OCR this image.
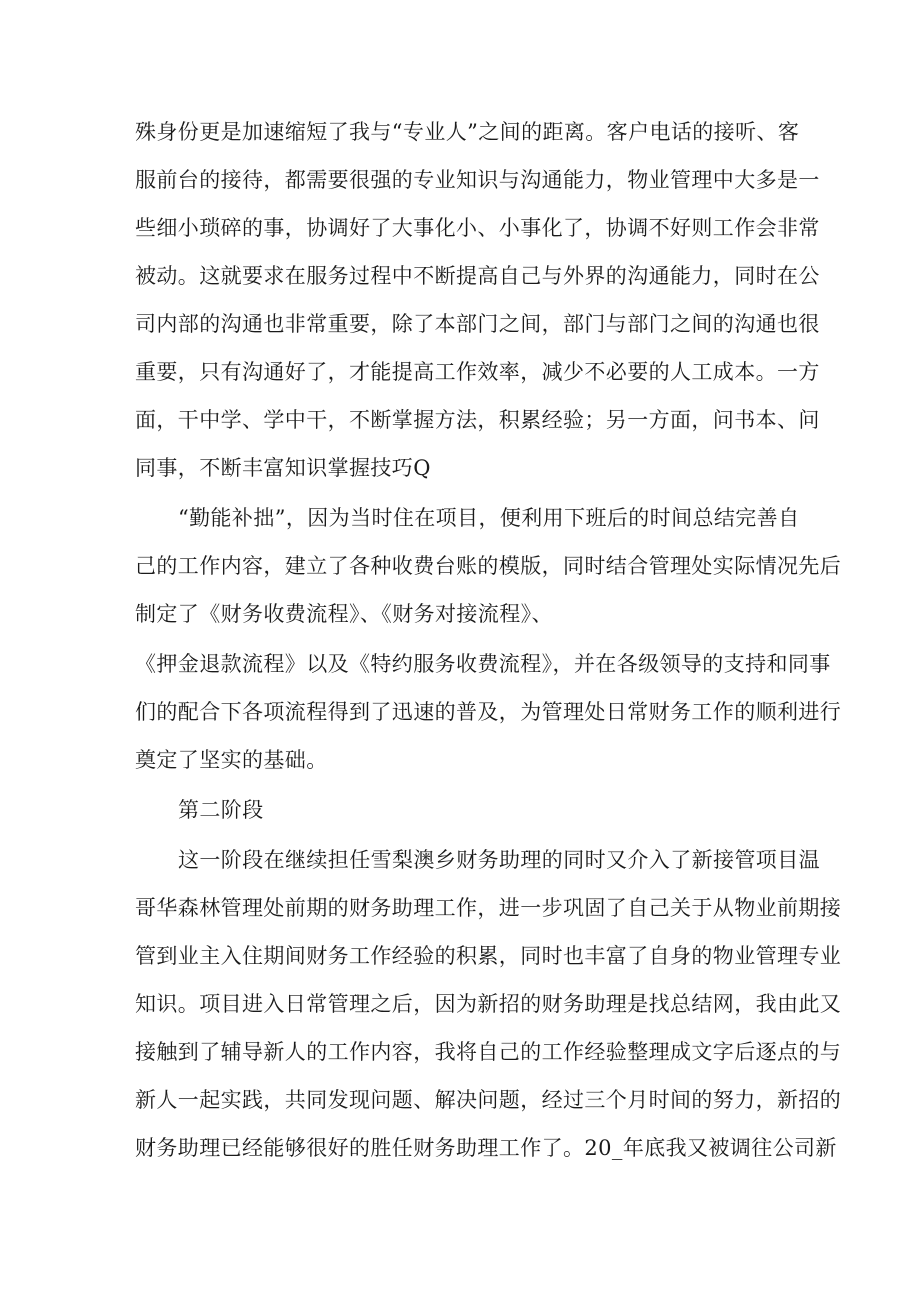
殊身份更是加速缩短了我与“专业人”之间的距离。客户电话的接听、客
服前台的接待，都需要很强的专业知识与沟通能力，物业管理中大多是一
些细小琐碎的事，协调好了大事化小、小事化了，协调不好则工作会非常
被动。这就要求在服务过程中不断提高自己与外界的沟通能力，同时在公
司内部的沟通也非常重要，除了本部门之间，部门与部门之间的沟通也很
重要，只有沟通好了，才能提高工作效率，减少不必要的人工成本。一方
面，干中学、学中干，不断掌握方法，积累经验；另一方面，问书本、问
同事，不断丰富知识掌握技巧Q
“勤能补拙”，因为当时住在项目，便利用下班后的时间总结完善自
己的工作内容，建立了各种收费台账的模版，同时结合管理处实际情况先后
制定了《财务收费流程》、《财务对接流程》、
《押金退款流程》以及《特约服务收费流程》，并在各级领导的支持和同事
们的配合下各项流程得到了迅速的普及，为管理处日常财务工作的顺利进行
奠定了坚实的基础。
第二阶段
这一阶段在继续担任雪梨澳乡财务助理的同时又介入了新接管项目温
哥华森林管理处前期的财务助理工作，进一步巩固了自己关于从物业前期接
管到业主入住期间财务工作经验的积累，同时也丰富了自身的物业管理专业
知识。项目进入日常管理之后，因为新招的财务助理是找总结网，我由此又
接触到了辅导新人的工作内容，我将自己的工作经验整理成文字后逐点的与
新人一起实践，共同发现问题、解决问题，经过三个月时间的努力，新招的
财务助理已经能够很好的胜任财务助理工作了。20_年底我又被调往公司新
